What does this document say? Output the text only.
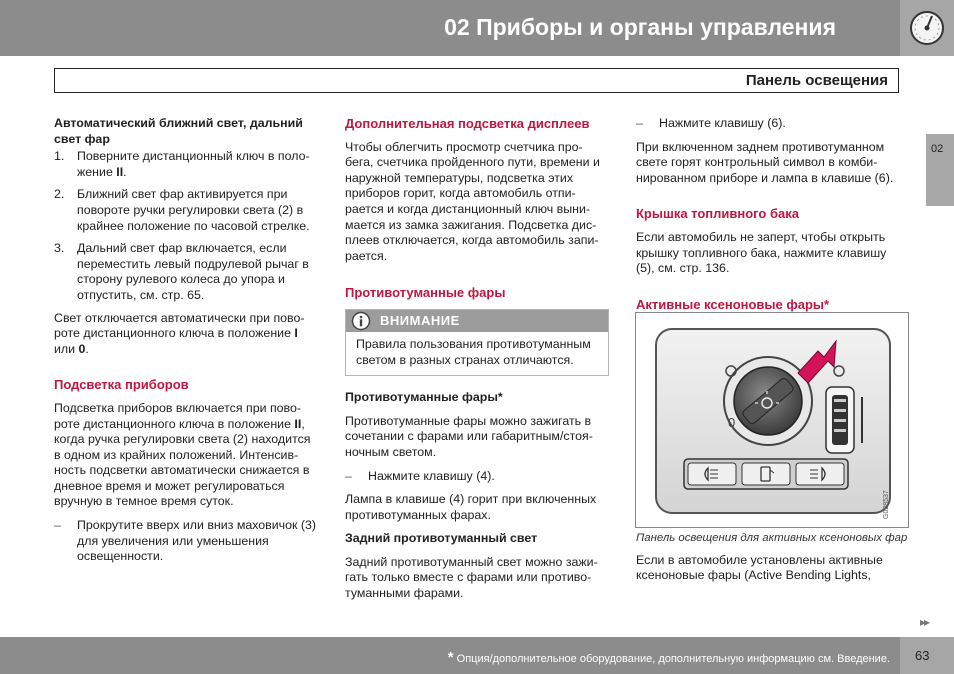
02 Приборы и органы управления
Панель освещения

Автоматический ближний свет, дальний свет фар

1. Поверните дистанционный ключ в поло-жение II.
2. Ближний свет фар активируется при повороте ручки регулировки света (2) в крайнее положение по часовой стрелке.
3. Дальний свет фар включается, если переместить левый подрулевой рычаг в сторону рулевого колеса до упора и отпустить, см. стр. 65.

Свет отключается автоматически при пово-роте дистанционного ключа в положение I или 0.

Подсветка приборов

Подсветка приборов включается при пово-роте дистанционного ключа в положение II, когда ручка регулировки света (2) находится в одном из крайних положений. Интенсив-ность подсветки автоматически снижается в дневное время и может регулироваться вручную в темное время суток.

– Прокрутите вверх или вниз маховичок (3) для увеличения или уменьшения освещенности.

Дополнительная подсветка дисплеев

Чтобы облегчить просмотр счетчика про-бега, счетчика пройденного пути, времени и наружной температуры, подсветка этих приборов горит, когда автомобиль отпи-рается и когда дистанционный ключ выни-мается из замка зажигания. Подсветка дис-плеев отключается, когда автомобиль запи-рается.

Противотуманные фары

ВНИМАНИЕ
Правила пользования противотуманным светом в разных странах отличаются.

Противотуманные фары*

Противотуманные фары можно зажигать в сочетании с фарами или габаритным/стоя-ночным светом.

– Нажмите клавишу (4).

Лампа в клавише (4) горит при включенных противотуманных фарах.

Задний противотуманный свет

Задний противотуманный свет можно зажи-гать только вместе с фарами или противо-туманными фарами.

– Нажмите клавишу (6).

При включенном заднем противотуманном свете горят контрольный символ в комби-нированном приборе и лампа в клавише (6).

Крышка топливного бака

Если автомобиль не заперт, чтобы открыть крышку топливного бака, нажмите клавишу (5), см. стр. 136.

Активные ксеноновые фары*

0
G028537

Панель освещения для активных ксеноновых фар

Если в автомобиле установлены активные ксеноновые фары (Active Bending Lights,

02
▸▸
* Опция/дополнительное оборудование, дополнительную информацию см. Введение. 63
